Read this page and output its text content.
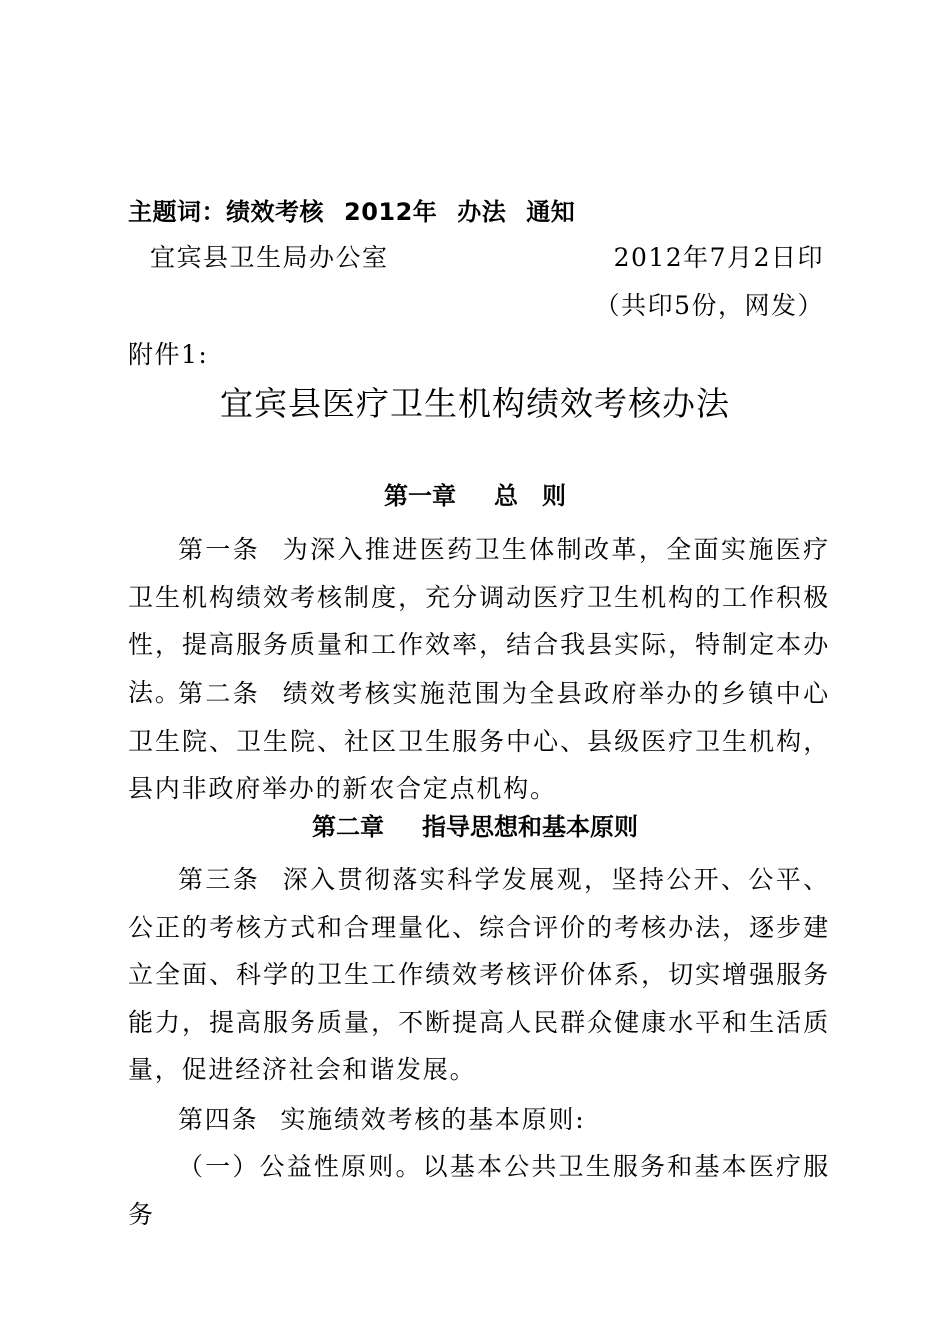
主题词：绩效考核 2012年 办法 通知
宜宾县卫生局办公室	2012年7月2日印
（共印5份，网发）
附件1:
宜宾县医疗卫生机构绩效考核办法
第一章 总　则
第一条 为深入推进医药卫生体制改革，全面实施医疗卫生机构绩效考核制度，充分调动医疗卫生机构的工作积极性，提高服务质量和工作效率，结合我县实际，特制定本办法。
第二条 绩效考核实施范围为全县政府举办的乡镇中心卫生院、卫生院、社区卫生服务中心、县级医疗卫生机构，县内非政府举办的新农合定点机构。
第二章 指导思想和基本原则
第三条 深入贯彻落实科学发展观，坚持公开、公平、公正的考核方式和合理量化、综合评价的考核办法，逐步建立全面、科学的卫生工作绩效考核评价体系，切实增强服务能力，提高服务质量，不断提高人民群众健康水平和生活质量，促进经济社会和谐发展。
第四条 实施绩效考核的基本原则:
（一）公益性原则。以基本公共卫生服务和基本医疗服务
